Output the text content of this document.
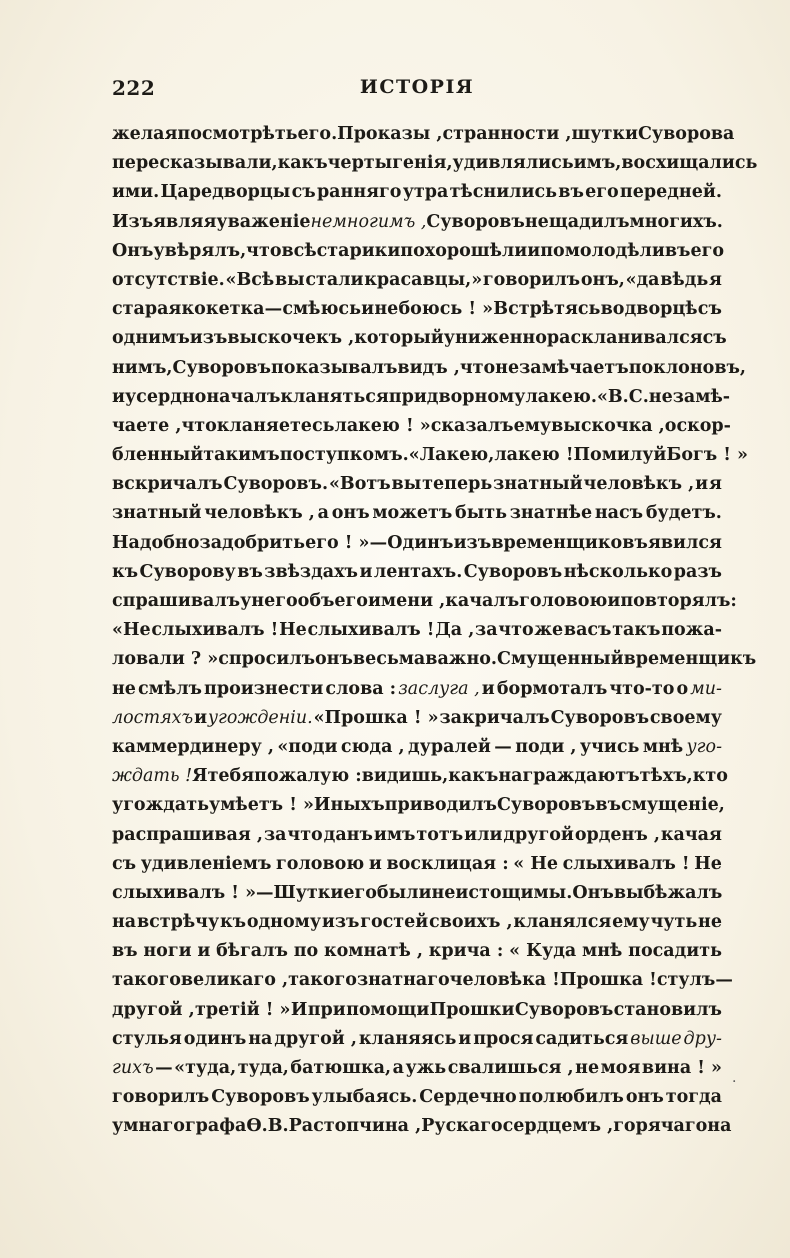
222	ИСТОРІЯ
желая посмотрѣть его. Проказы , странности , шутки Суворова
пересказывали, какъ черты генія, удивлялись имъ, восхищались
ими. Царедворцы съ ранняго утра тѣснились въ его передней.
Изъявляя уваженіе немногимъ , Суворовъ не щадилъ многихъ.
Онъ увѣрялъ, что всѣ старики похорошѣли и помолодѣли въ его
отсутствіе. «Всѣ вы стали красавцы,» говорилъ онъ, «да вѣдь я
старая кокетка — смѣюсь и не боюсь ! » Встрѣтясь во дворцѣ съ
однимъ изъ выскочекъ , который униженно раскланивался съ
нимъ, Суворовъ показывалъ видъ , что не замѣчаетъ поклоновъ,
и усердно началъ кланяться придворному лакею. «В. С. не замѣ-
чаете , что кланяетесь лакею ! » сказалъ ему выскочка , оскор-
бленный такимъ поступкомъ. «Лакею, лакею ! Помилуй Богъ ! »
вскричалъ Суворовъ. «Вотъ вы теперь знатный человѣкъ , и я
знатный человѣкъ , а онъ можетъ быть знатнѣе насъ будетъ.
Надобно задобрить его ! » — Одинъ изъ временщиковъ явился
къ Суворову въ звѣздахъ и лентахъ. Суворовъ нѣсколько разъ
спрашивалъ у него объ его имени , качалъ головою и повторялъ:
«Не слыхивалъ ! Не слыхивалъ ! Да , за что же васъ такъ пожа-
ловали ? » спросилъ онъ весьма важно. Смущенный временщикъ
не смѣлъ произнести слова : заслуга , и бормоталъ что-то о ми-
лостяхъ и угожденіи. «Прошка ! » закричалъ Суворовъ своему
каммердинеру , «поди сюда , дуралей — поди , учись мнѣ уго-
ждать ! Я тебя пожалую : видишь, какъ награждаютъ тѣхъ, кто
угождать умѣетъ ! » Иныхъ приводилъ Суворовъ въ смущеніе,
распрашивая , за что данъ имъ тотъ или другой орденъ , качая
съ удивленіемъ головою и восклицая : « Не слыхивалъ ! Не
слыхивалъ ! » — Шутки его были неистощимы. Онъ выбѣжалъ
на встрѣчу къ одному изъ гостей своихъ , кланялся ему чуть не
въ ноги и бѣгалъ по комнатѣ , крича : « Куда мнѣ посадить
такого великаго , такого знатнаго человѣка ! Прошка ! стулъ —
другой , третій ! » И при помощи Прошки Суворовъ становилъ
стулья одинъ на другой , кланяясь и прося садиться выше дру-
гихъ — «туда, туда, батюшка, а ужь свалишься , не моя вина ! »
говорилъ Суворовъ улыбаясь. Сердечно полюбилъ онъ тогда
умнаго графа Ѳ. В. Растопчина , Рускаго сердцемъ , горячаго на
·
